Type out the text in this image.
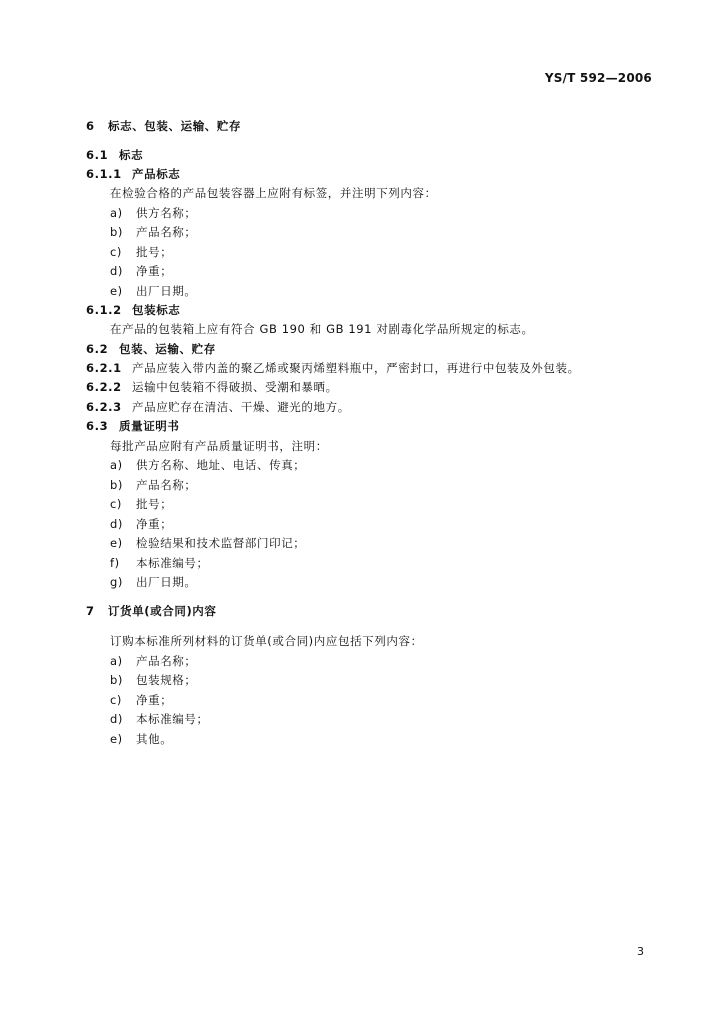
YS/T 592—2006
6 标志、包装、运输、贮存
6.1 标志
6.1.1 产品标志
在检验合格的产品包装容器上应附有标签，并注明下列内容：
a) 供方名称；
b) 产品名称；
c) 批号；
d) 净重；
e) 出厂日期。
6.1.2 包装标志
在产品的包装箱上应有符合 GB 190 和 GB 191 对剧毒化学品所规定的标志。
6.2 包装、运输、贮存
6.2.1 产品应装入带内盖的聚乙烯或聚丙烯塑料瓶中，严密封口，再进行中包装及外包装。
6.2.2 运输中包装箱不得破损、受潮和暴晒。
6.2.3 产品应贮存在清洁、干燥、避光的地方。
6.3 质量证明书
每批产品应附有产品质量证明书，注明：
a) 供方名称、地址、电话、传真；
b) 产品名称；
c) 批号；
d) 净重；
e) 检验结果和技术监督部门印记；
f) 本标准编号；
g) 出厂日期。
7 订货单(或合同)内容
订购本标准所列材料的订货单(或合同)内应包括下列内容：
a) 产品名称；
b) 包装规格；
c) 净重；
d) 本标准编号；
e) 其他。
3
